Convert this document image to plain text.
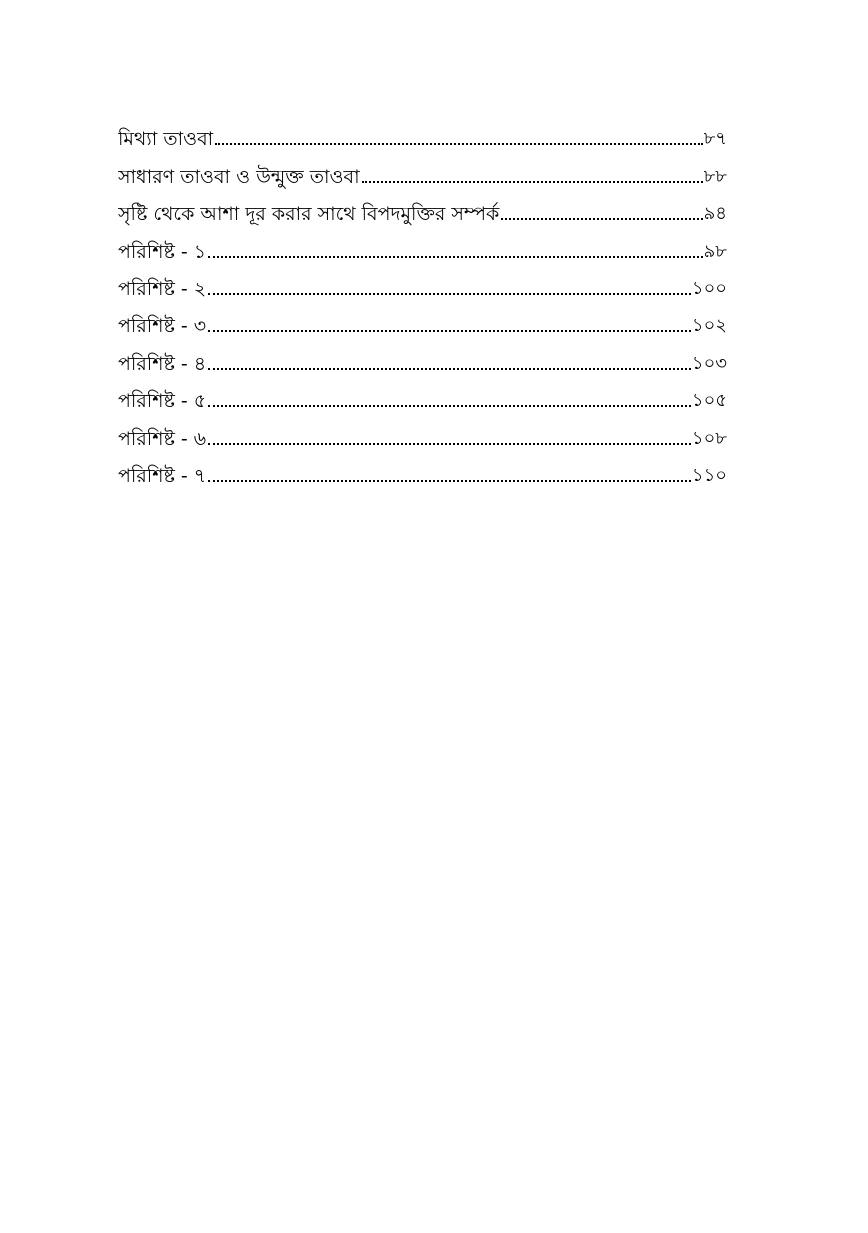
মিথ্যা তাওবা	৮৭
সাধারণ তাওবা ও উন্মুক্ত তাওবা	৮৮
সৃষ্টি থেকে আশা দূর করার সাথে বিপদমুক্তির সম্পর্ক	৯৪
পরিশিষ্ট - ১	৯৮
পরিশিষ্ট - ২	১০০
পরিশিষ্ট - ৩	১০২
পরিশিষ্ট - ৪	১০৩
পরিশিষ্ট - ৫	১০৫
পরিশিষ্ট - ৬	১০৮
পরিশিষ্ট - ৭	১১০
